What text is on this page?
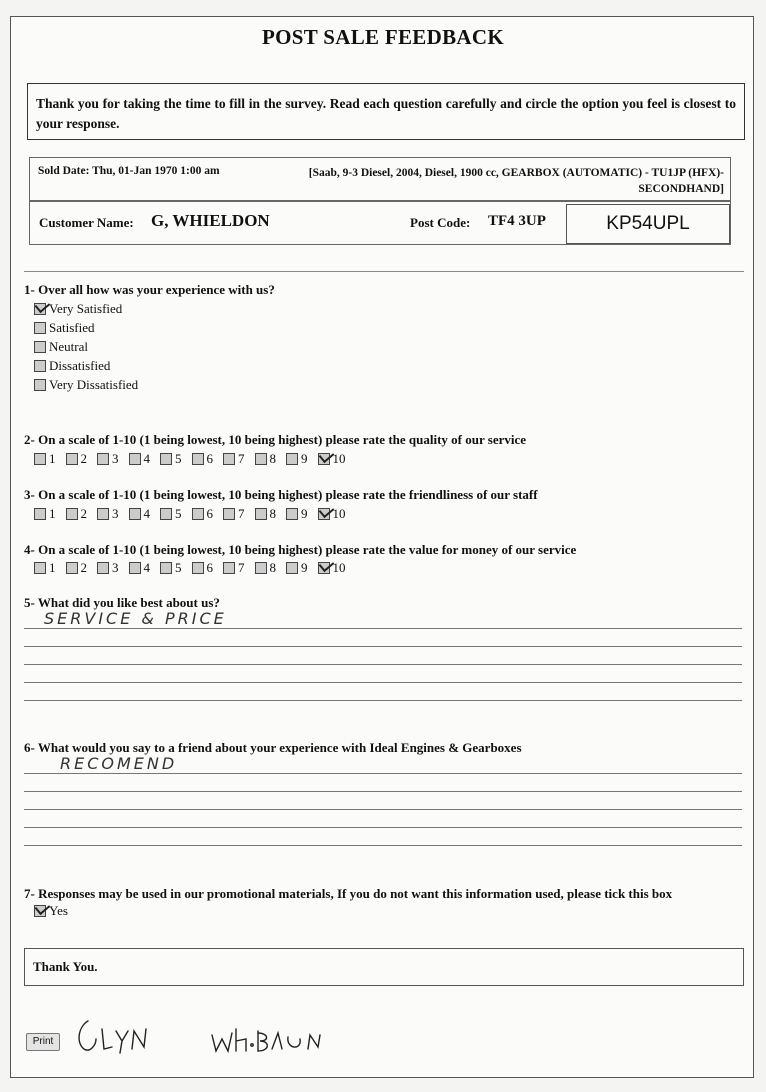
POST SALE FEEDBACK

Thank you for taking the time to fill in the survey. Read each question carefully and circle the option you feel is closest to your response.

Sold Date: Thu, 01-Jan 1970 1:00 am	[Saab, 9-3 Diesel, 2004, Diesel, 1900 cc, GEARBOX (AUTOMATIC) - TU1JP (HFX)-
SECONDHAND]
Customer Name: G, WHIELDON	Post Code: TF4 3UP	KP54UPL
1- Over all how was your experience with us?
Very Satisfied
Satisfied
Neutral
Dissatisfied
Very Dissatisfied
2- On a scale of 1-10 (1 being lowest, 10 being highest) please rate the quality of our service
1 2 3 4 5 6 7 8 9 10
3- On a scale of 1-10 (1 being lowest, 10 being highest) please rate the friendliness of our staff
1 2 3 4 5 6 7 8 9 10
4- On a scale of 1-10 (1 being lowest, 10 being highest) please rate the value for money of our service
1 2 3 4 5 6 7 8 9 10
5- What did you like best about us?
SERVICE & PRICE
6- What would you say to a friend about your experience with Ideal Engines & Gearboxes
RECOMEND
7- Responses may be used in our promotional materials, If you do not want this information used, please tick this box
Yes
Thank You.
Print
